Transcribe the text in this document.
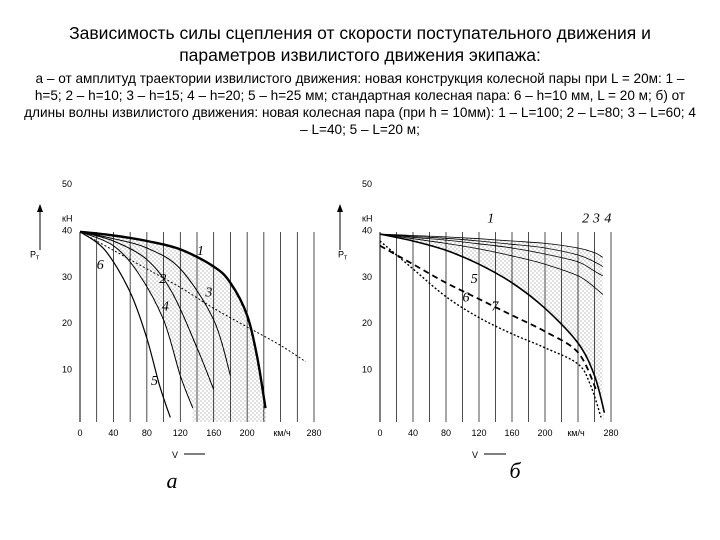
Зависимость силы сцепления от скорости поступательного движения и параметров извилистого движения экипажа:
а – от амплитуд траектории извилистого движения: новая конструкция колесной пары при L = 20м: 1 – h=5; 2 – h=10; 3 – h=15; 4 – h=20; 5 – h=25 мм; стандартная колесная пара: 6 – h=10 мм, L = 20 м; б) от длины волны извилистого движения: новая колесная пара (при h = 10мм): 1 – L=100; 2 – L=80; 3 – L=60; 4 – L=40; 5 – L=20 м;
10
20
30
40
50
кН
$Р_т$
0	40	80 120 160 200	280
км/ч
V
1
2
3
4
5
6
а
10
20
30
40
50
кН
$Р_т$
0	40	80 120 160 200	280
км/ч
V
1	2 3 4
5
6
7
б
